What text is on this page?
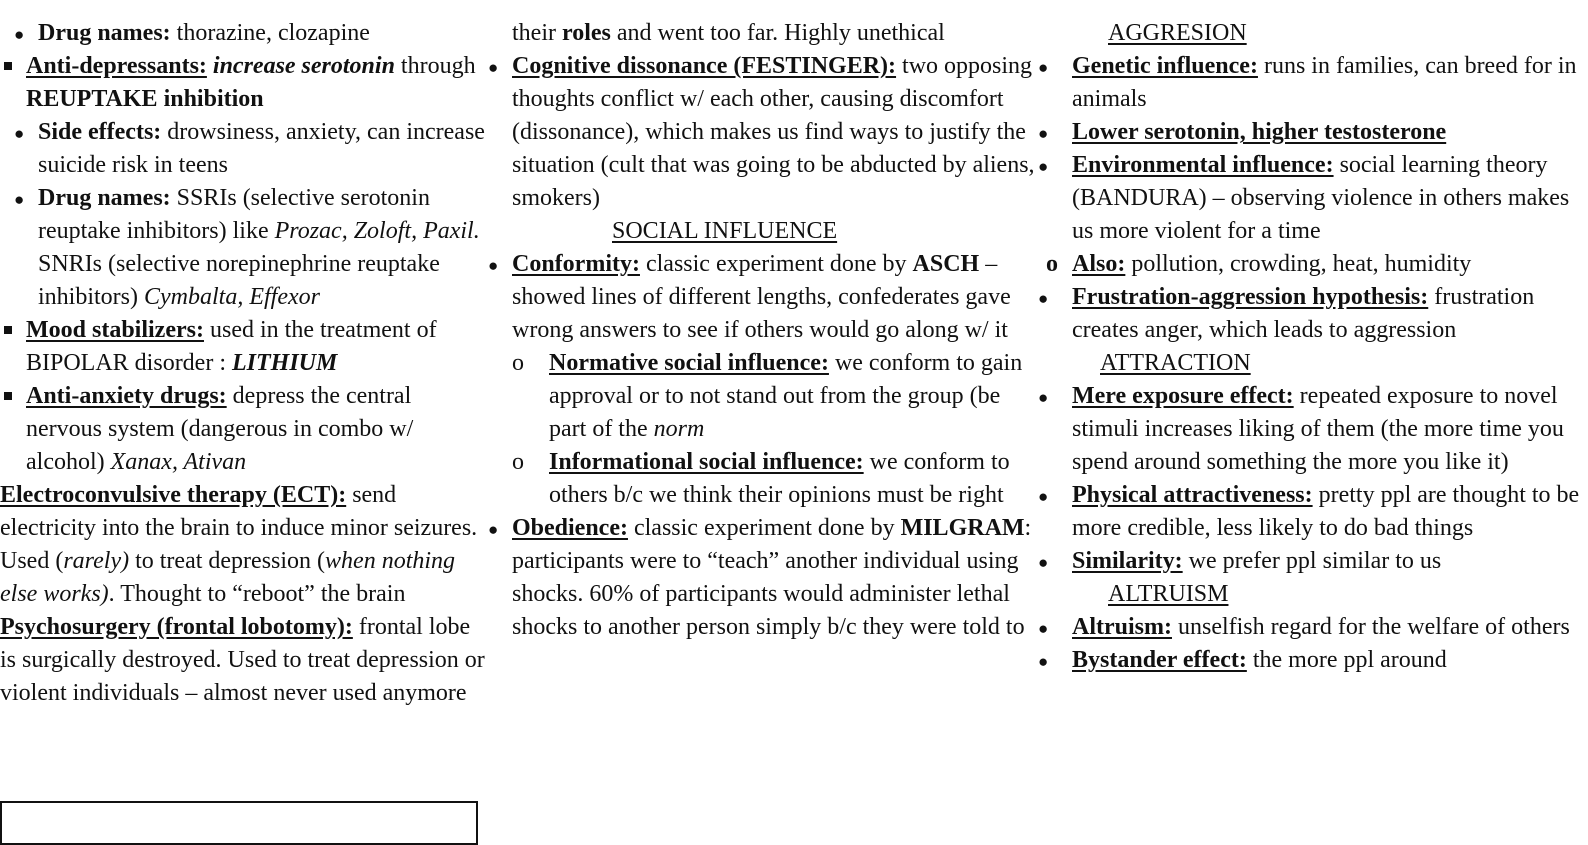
●
Drug names: thorazine, clozapine

Anti-depressants: increase serotonin through REUPTAKE inhibition

●
Side effects: drowsiness, anxiety, can increase suicide risk in teens

●
Drug names: SSRIs (selective serotonin reuptake inhibitors) like Prozac, Zoloft, Paxil. SNRIs (selective norepinephrine reuptake inhibitors) Cymbalta, Effexor

Mood stabilizers: used in the treatment of BIPOLAR disorder : LITHIUM

Anti-anxiety drugs: depress the central nervous system (dangerous in combo w/ alcohol) Xanax, Ativan

Electroconvulsive therapy (ECT): send electricity into the brain to induce minor seizures. Used (rarely) to treat depression (when nothing else works). Thought to “reboot” the brain

Psychosurgery (frontal lobotomy): frontal lobe is surgically destroyed. Used to treat depression or violent individuals – almost never used anymore

their roles and went too far. Highly unethical

●
Cognitive dissonance (FESTINGER): two opposing thoughts conflict w/ each other, causing discomfort (dissonance), which makes us find ways to justify the situation (cult that was going to be abducted by aliens, smokers)

SOCIAL INFLUENCE

●
Conformity: classic experiment done by ASCH – showed lines of different lengths, confederates gave wrong answers to see if others would go along w/ it

o
Normative social influence: we conform to gain approval or to not stand out from the group (be part of the norm

o
Informational social influence: we conform to others b/c we think their opinions must be right

●
Obedience: classic experiment done by MILGRAM: participants were to “teach” another individual using shocks. 60% of participants would administer lethal shocks to another person simply b/c they were told to

AGGRESION

●
Genetic influence: runs in families, can breed for in animals

●
Lower serotonin, higher testosterone

●
Environmental influence: social learning theory (BANDURA) – observing violence in others makes us more violent for a time

o
Also: pollution, crowding, heat, humidity

●
Frustration-aggression hypothesis: frustration creates anger, which leads to aggression

ATTRACTION

●
Mere exposure effect: repeated exposure to novel stimuli increases liking of them (the more time you spend around something the more you like it)

●
Physical attractiveness: pretty ppl are thought to be more credible, less likely to do bad things

●
Similarity: we prefer ppl similar to us

ALTRUISM

●
Altruism: unselfish regard for the welfare of others

●
Bystander effect: the more ppl around
